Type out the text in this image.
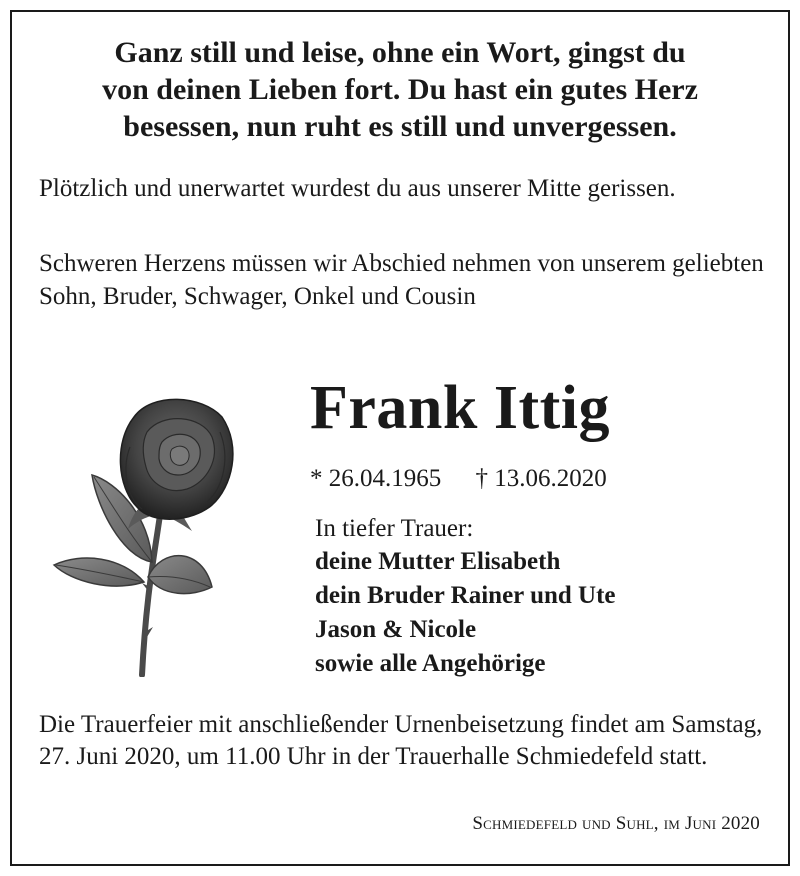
Ganz still und leise, ohne ein Wort, gingst du
von deinen Lieben fort. Du hast ein gutes Herz
besessen, nun ruht es still und unvergessen.

Plötzlich und unerwartet wurdest du aus unserer Mitte gerissen.

Schweren Herzens müssen wir Abschied nehmen von unserem geliebten Sohn, Bruder, Schwager, Onkel und Cousin

Frank Ittig

* 26.04.1965 † 13.06.2020

In tiefer Trauer:

deine Mutter Elisabeth
dein Bruder Rainer und Ute
Jason & Nicole
sowie alle Angehörige

Die Trauerfeier mit anschließender Urnenbeisetzung findet am Samstag, 27. Juni 2020, um 11.00 Uhr in der Trauerhalle Schmiedefeld statt.

Schmiedefeld und Suhl, im Juni 2020
